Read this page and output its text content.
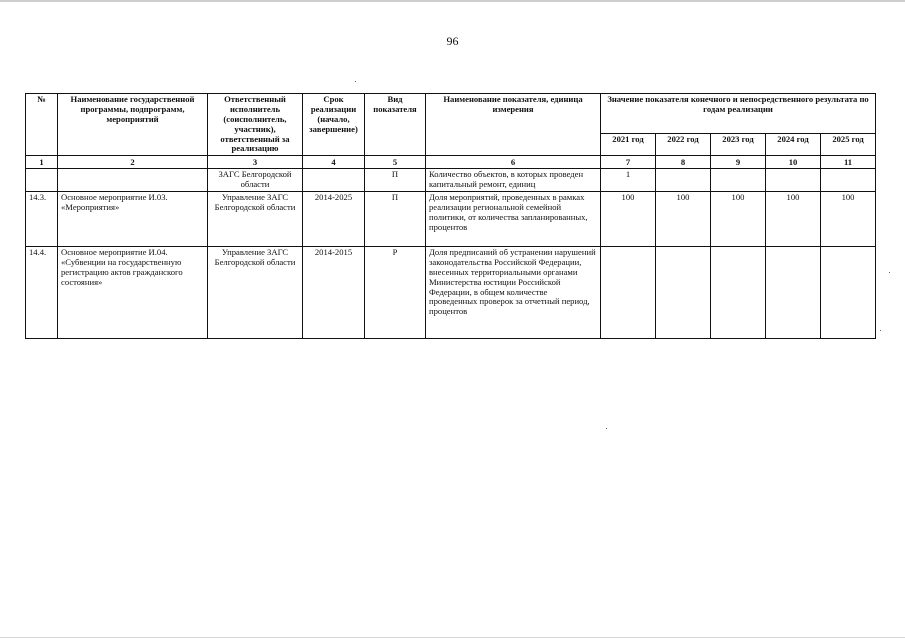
96
№	Наименование государственной программы, подпрограмм, мероприятий	Ответственный исполнитель (соисполнитель, участник), ответственный за реализацию	Срок реализации (начало, завершение)	Вид показателя	Наименование показателя, единица измерения	Значение показателя конечного и непосредственного результата по годам реализации				
						2021 год	2022 год	2023 год	2024 год	2025 год
1	2	3	4	5	6	7	8	9	10	11
		ЗАГС Белгородской области		П	Количество объектов, в которых проведен капитальный ремонт, единиц	1				
14.3.	Основное мероприятие И.03. «Мероприятия»	Управление ЗАГС Белгородской области	2014-2025	П	Доля мероприятий, проведенных в рамках реализации региональной семейной политики, от количества запланированных, процентов	100	100	100	100	100
14.4.	Основное мероприятие И.04. «Субвенции на государственную регистрацию актов гражданского состояния»	Управление ЗАГС Белгородской области	2014-2015	Р	Доля предписаний об устранении нарушений законодательства Российской Федерации, внесенных территориальными органами Министерства юстиции Российской Федерации, в общем количестве проведенных проверок за отчетный период, процентов					
